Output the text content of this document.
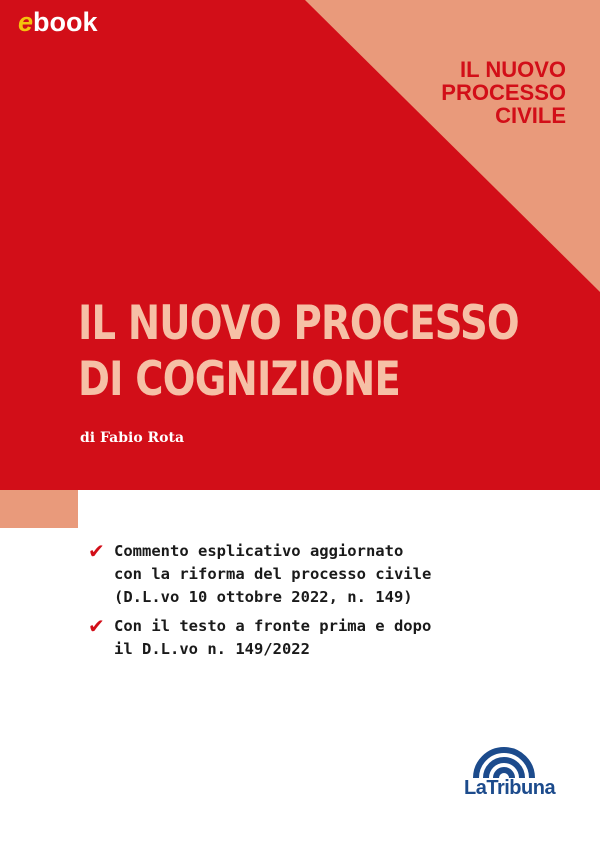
ebook
IL NUOVO
PROCESSO
CIVILE
IL NUOVO PROCESSO
DI COGNIZIONE
di Fabio Rota
✔ Commento esplicativo aggiornato
con la riforma del processo civile
(D.L.vo 10 ottobre 2022, n. 149)
✔ Con il testo a fronte prima e dopo
il D.L.vo n. 149/2022
LaTribuna
